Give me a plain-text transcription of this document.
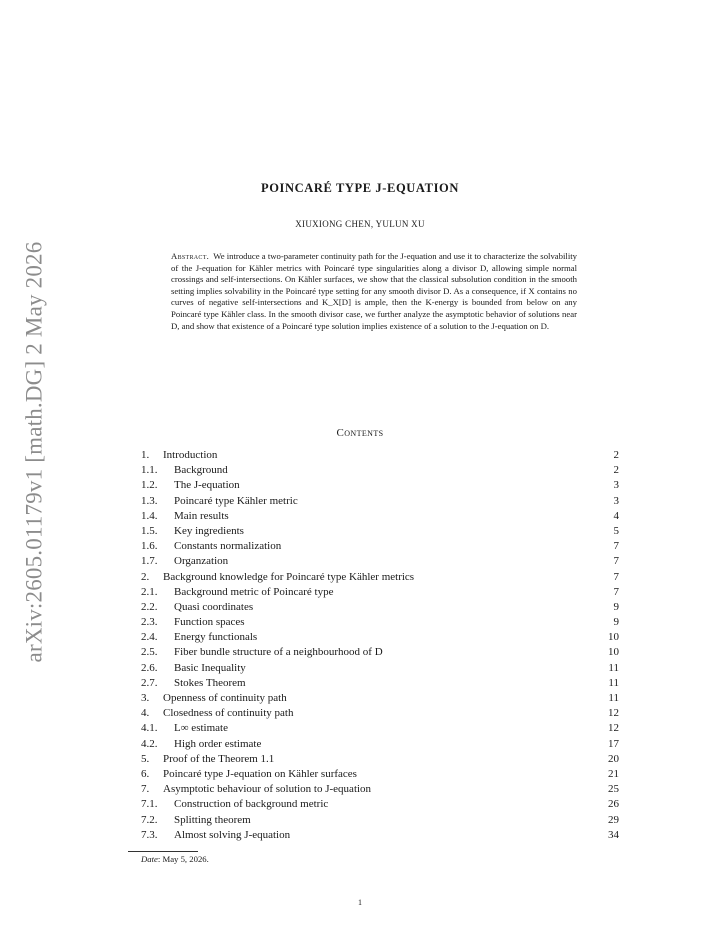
arXiv:2605.01179v1 [math.DG] 2 May 2026
POINCARÉ TYPE J-EQUATION
XIUXIONG CHEN, YULUN XU
Abstract. We introduce a two-parameter continuity path for the J-equation and use it to characterize the solvability of the J-equation for Kähler metrics with Poincaré type singularities along a divisor D, allowing simple normal crossings and self-intersections. On Kähler surfaces, we show that the classical subsolution condition in the smooth setting implies solvability in the Poincaré type setting for any smooth divisor D. As a consequence, if X contains no curves of negative self-intersections and K_X[D] is ample, then the K-energy is bounded from below on any Poincaré type Kähler class. In the smooth divisor case, we further analyze the asymptotic behavior of solutions near D, and show that existence of a Poincaré type solution implies existence of a solution to the J-equation on D.
Contents
1.	Introduction	2
1.1.	Background	2
1.2.	The J-equation	3
1.3.	Poincaré type Kähler metric	3
1.4.	Main results	4
1.5.	Key ingredients	5
1.6.	Constants normalization	7
1.7.	Organzation	7
2.	Background knowledge for Poincaré type Kähler metrics	7
2.1.	Background metric of Poincaré type	7
2.2.	Quasi coordinates	9
2.3.	Function spaces	9
2.4.	Energy functionals	10
2.5.	Fiber bundle structure of a neighbourhood of D	10
2.6.	Basic Inequality	11
2.7.	Stokes Theorem	11
3.	Openness of continuity path	11
4.	Closedness of continuity path	12
4.1.	L∞ estimate	12
4.2.	High order estimate	17
5.	Proof of the Theorem 1.1	20
6.	Poincaré type J-equation on Kähler surfaces	21
7.	Asymptotic behaviour of solution to J-equation	25
7.1.	Construction of background metric	26
7.2.	Splitting theorem	29
7.3.	Almost solving J-equation	34
Date: May 5, 2026.
1
